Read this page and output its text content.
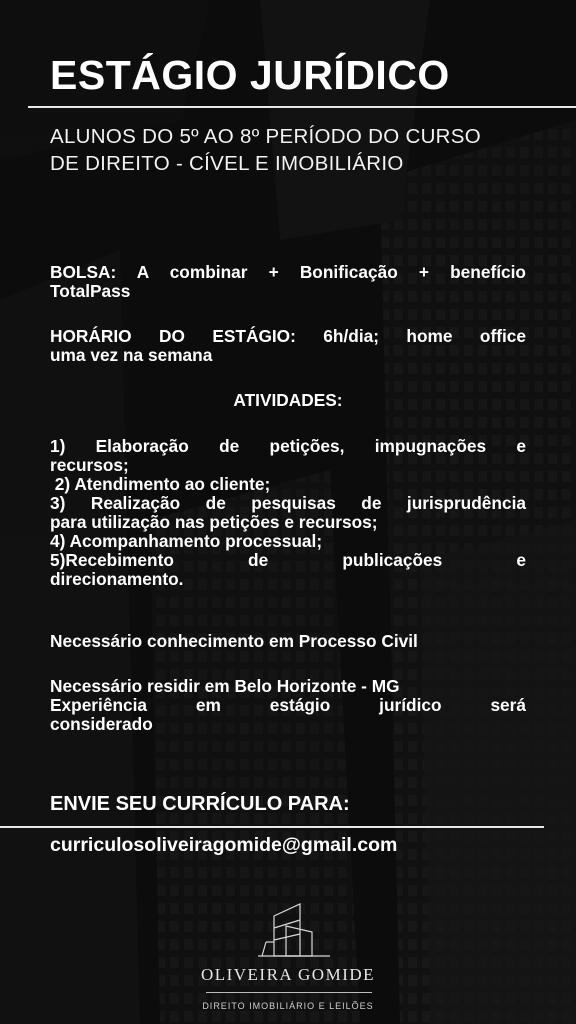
ESTÁGIO JURÍDICO
ALUNOS DO 5º AO 8º PERÍODO DO CURSO DE DIREITO - CÍVEL E IMOBILIÁRIO
BOLSA: A combinar + Bonificação + benefício
TotalPass
HORÁRIO DO ESTÁGIO: 6h/dia; home office
uma vez na semana
ATIVIDADES:
1) Elaboração de petições, impugnações e
recursos;
2) Atendimento ao cliente;
3) Realização de pesquisas de jurisprudência
para utilização nas petições e recursos;
4) Acompanhamento processual;
5)Recebimento de publicações e
direcionamento.
Necessário conhecimento em Processo Civil
Necessário residir em Belo Horizonte - MG
Experiência em estágio jurídico será
considerado
ENVIE SEU CURRÍCULO PARA:
curriculosoliveiragomide@gmail.com
OLIVEIRA GOMIDE
DIREITO IMOBILIÁRIO E LEILÕES
